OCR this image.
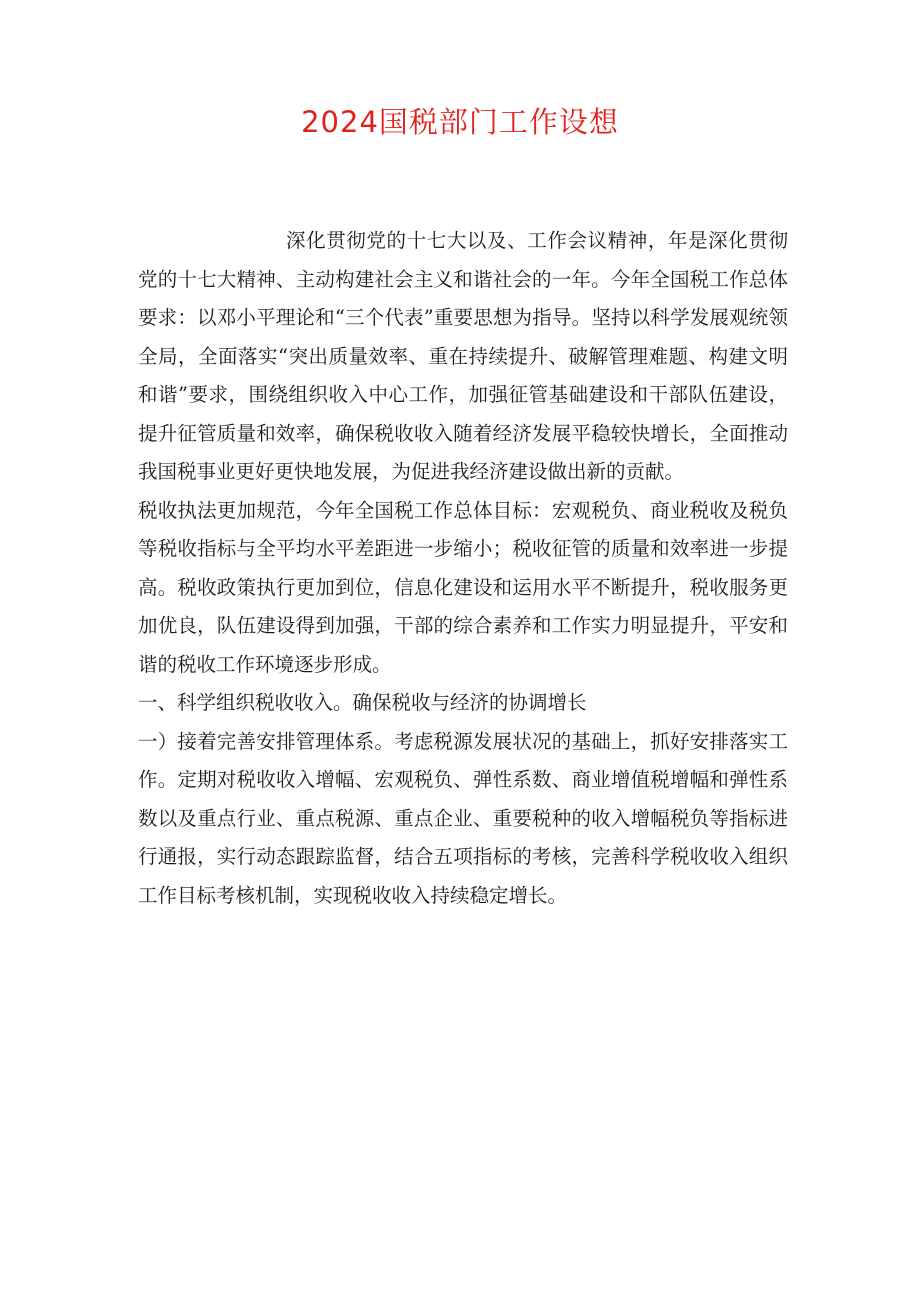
2024国税部门工作设想

深化贯彻党的十七大以及、工作会议精神，年是深化贯彻党的十七大精神、主动构建社会主义和谐社会的一年。今年全国税工作总体要求：以邓小平理论和“三个代表”重要思想为指导。坚持以科学发展观统领全局，全面落实“突出质量效率、重在持续提升、破解管理难题、构建文明和谐”要求，围绕组织收入中心工作，加强征管基础建设和干部队伍建设，提升征管质量和效率，确保税收收入随着经济发展平稳较快增长，全面推动我国税事业更好更快地发展，为促进我经济建设做出新的贡献。

税收执法更加规范，今年全国税工作总体目标：宏观税负、商业税收及税负等税收指标与全平均水平差距进一步缩小；税收征管的质量和效率进一步提高。税收政策执行更加到位，信息化建设和运用水平不断提升，税收服务更加优良，队伍建设得到加强，干部的综合素养和工作实力明显提升，平安和谐的税收工作环境逐步形成。

一、科学组织税收收入。确保税收与经济的协调增长

一）接着完善安排管理体系。考虑税源发展状况的基础上，抓好安排落实工作。定期对税收收入增幅、宏观税负、弹性系数、商业增值税增幅和弹性系数以及重点行业、重点税源、重点企业、重要税种的收入增幅税负等指标进行通报，实行动态跟踪监督，结合五项指标的考核，完善科学税收收入组织工作目标考核机制，实现税收收入持续稳定增长。
